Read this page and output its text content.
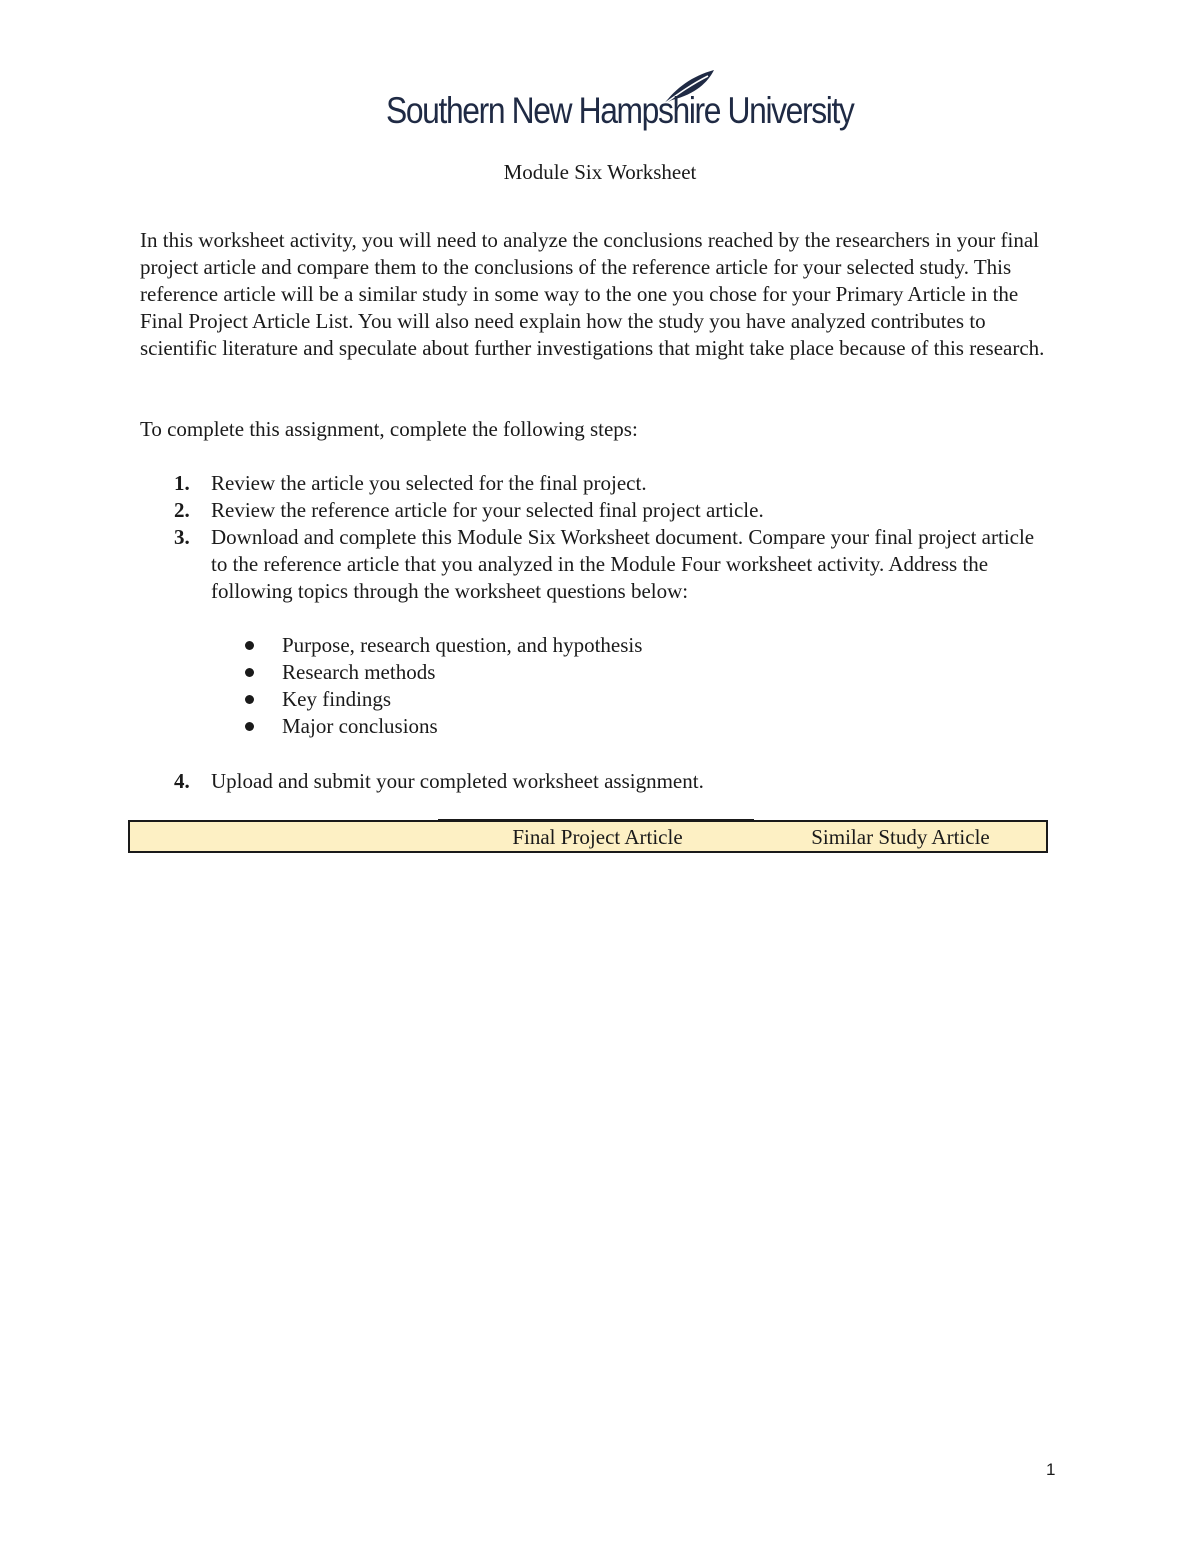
Southern New Hampshire University
Module Six Worksheet

In this worksheet activity, you will need to analyze the conclusions reached by the researchers in your final project article and compare them to the conclusions of the reference article for your selected study. This reference article will be a similar study in some way to the one you chose for your Primary Article in the Final Project Article List. You will also need explain how the study you have analyzed contributes to scientific literature and speculate about further investigations that might take place because of this research.

To complete this assignment, complete the following steps:

1. Review the article you selected for the final project.
2. Review the reference article for your selected final project article.
3. Download and complete this Module Six Worksheet document. Compare your final project article to the reference article that you analyzed in the Module Four worksheet activity. Address the following topics through the worksheet questions below:
Purpose, research question, and hypothesis
Research methods
Key findings
Major conclusions

4. Upload and submit your completed worksheet assignment.

Final Project Article	Similar Study Article
1
